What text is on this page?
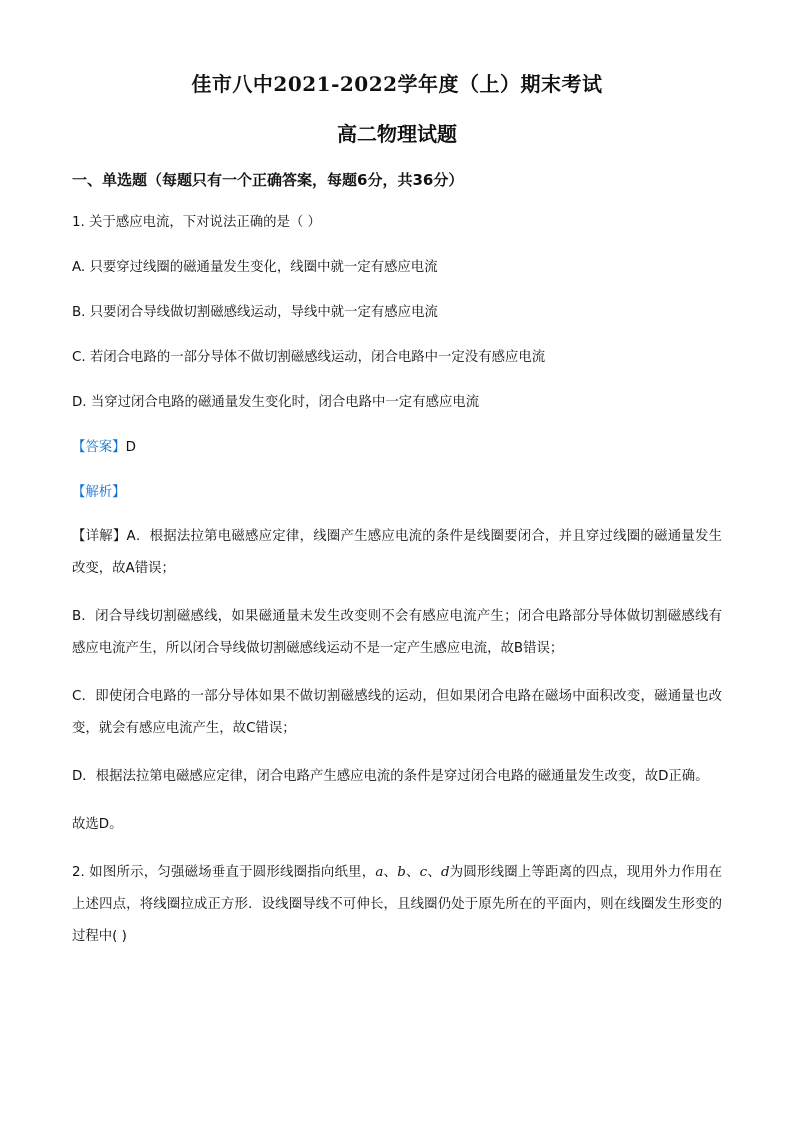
佳市八中2021-2022学年度（上）期末考试
高二物理试题
一、单选题（每题只有一个正确答案，每题6分，共36分）

1. 关于感应电流，下对说法正确的是（ ）

A. 只要穿过线圈的磁通量发生变化，线圈中就一定有感应电流

B. 只要闭合导线做切割磁感线运动，导线中就一定有感应电流

C. 若闭合电路的一部分导体不做切割磁感线运动，闭合电路中一定没有感应电流

D. 当穿过闭合电路的磁通量发生变化时，闭合电路中一定有感应电流

【答案】D

【解析】

【详解】A．根据法拉第电磁感应定律，线圈产生感应电流的条件是线圈要闭合，并且穿过线圈的磁通量发生改变，故A错误；

B．闭合导线切割磁感线，如果磁通量未发生改变则不会有感应电流产生；闭合电路部分导体做切割磁感线有感应电流产生，所以闭合导线做切割磁感线运动不是一定产生感应电流，故B错误；

C．即使闭合电路的一部分导体如果不做切割磁感线的运动，但如果闭合电路在磁场中面积改变，磁通量也改变，就会有感应电流产生，故C错误；

D．根据法拉第电磁感应定律，闭合电路产生感应电流的条件是穿过闭合电路的磁通量发生改变，故D正确。

故选D。

2. 如图所示，匀强磁场垂直于圆形线圈指向纸里，a、b、c、d为圆形线圈上等距离的四点，现用外力作用在上述四点，将线圈拉成正方形．设线圈导线不可伸长，且线圈仍处于原先所在的平面内，则在线圈发生形变的过程中( )
